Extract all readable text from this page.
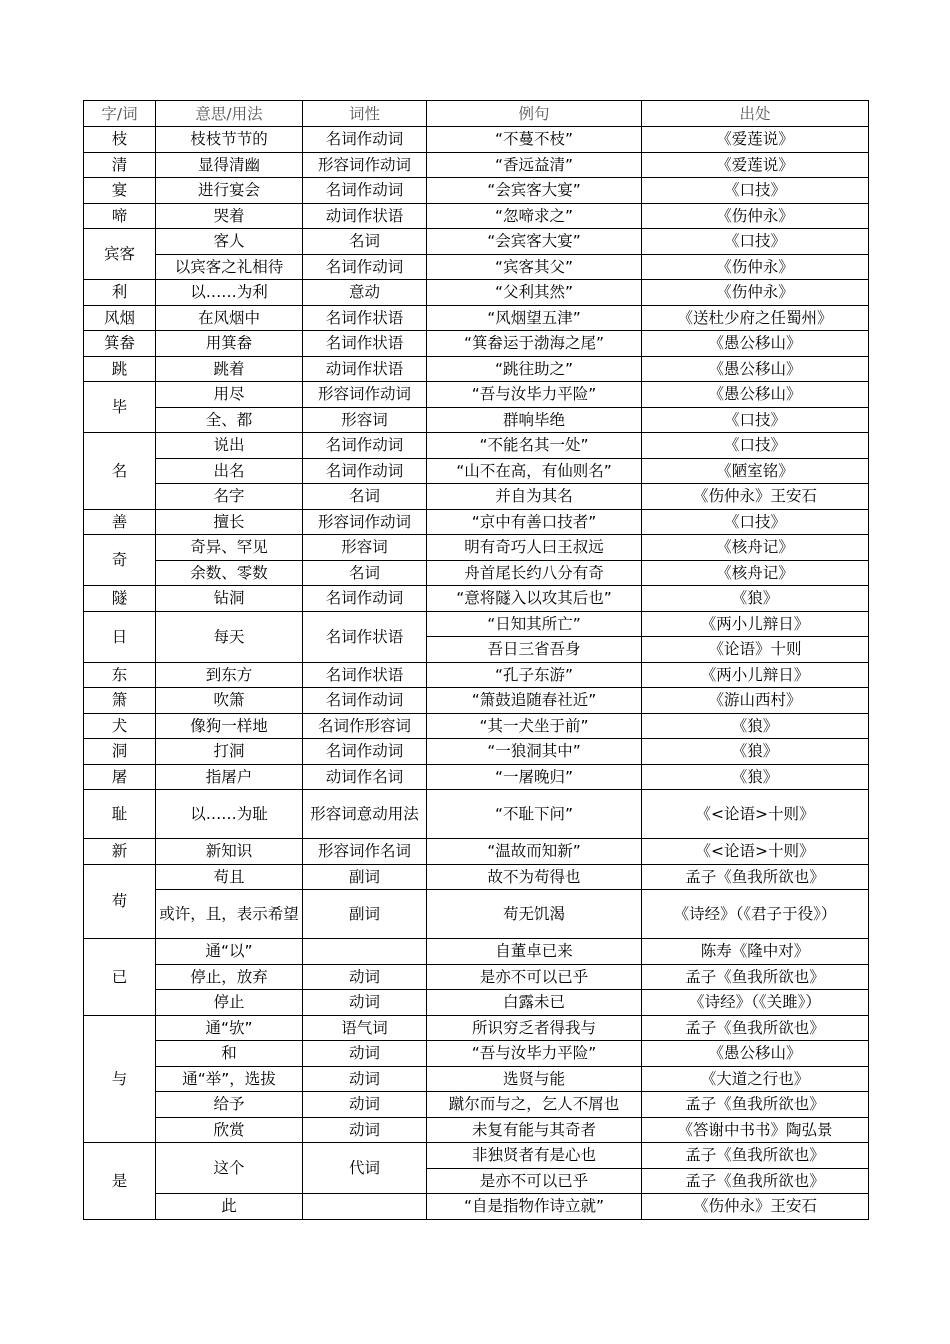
字/词	意思/用法	词性	例句	出处
枝	枝枝节节的	名词作动词	“不蔓不枝”	《爱莲说》
清	显得清幽	形容词作动词	“香远益清”	《爱莲说》
宴	进行宴会	名词作动词	“会宾客大宴”	《口技》
啼	哭着	动词作状语	“忽啼求之”	《伤仲永》
宾客	客人	名词	“会宾客大宴”	《口技》
	以宾客之礼相待	名词作动词	“宾客其父”	《伤仲永》
利	以……为利	意动	“父利其然”	《伤仲永》
风烟	在风烟中	名词作状语	“风烟望五津”	《送杜少府之任蜀州》
箕畚	用箕畚	名词作状语	“箕畚运于渤海之尾”	《愚公移山》
跳	跳着	动词作状语	“跳往助之”	《愚公移山》
毕	用尽	形容词作动词	“吾与汝毕力平险”	《愚公移山》
	全、都	形容词	群响毕绝	《口技》
名	说出	名词作动词	“不能名其一处”	《口技》
	出名	名词作动词	“山不在高，有仙则名”	《陋室铭》
	名字	名词	并自为其名	《伤仲永》王安石
善	擅长	形容词作动词	“京中有善口技者”	《口技》
奇	奇异、罕见	形容词	明有奇巧人曰王叔远	《核舟记》
	余数、零数	名词	舟首尾长约八分有奇	《核舟记》
隧	钻洞	名词作动词	“意将隧入以攻其后也”	《狼》
日	每天	名词作状语	“日知其所亡”	《两小儿辩日》
			吾日三省吾身	《论语》十则
东	到东方	名词作状语	“孔子东游”	《两小儿辩日》
箫	吹箫	名词作动词	“箫鼓追随春社近”	《游山西村》
犬	像狗一样地	名词作形容词	“其一犬坐于前”	《狼》
洞	打洞	名词作动词	“一狼洞其中”	《狼》
屠	指屠户	动词作名词	“一屠晚归”	《狼》
耻	以……为耻	形容词意动用法	“不耻下问”	《<论语>十则》
新	新知识	形容词作名词	“温故而知新”	《<论语>十则》
苟	苟且	副词	故不为苟得也	孟子《鱼我所欲也》
	或许，且，表示希望	副词	苟无饥渴	《诗经》（《君子于役》）
已	通“以”		自董卓已来	陈寿《隆中对》
	停止，放弃	动词	是亦不可以已乎	孟子《鱼我所欲也》
	停止	动词	白露未已	《诗经》（《关雎》）
与	通“欤”	语气词	所识穷乏者得我与	孟子《鱼我所欲也》
	和	动词	“吾与汝毕力平险”	《愚公移山》
	通“举”，选拔	动词	选贤与能	《大道之行也》
	给予	动词	蹴尔而与之，乞人不屑也	孟子《鱼我所欲也》
	欣赏	动词	未复有能与其奇者	《答谢中书书》陶弘景
是	这个	代词	非独贤者有是心也	孟子《鱼我所欲也》
			是亦不可以已乎	孟子《鱼我所欲也》
	此		“自是指物作诗立就”	《伤仲永》王安石
